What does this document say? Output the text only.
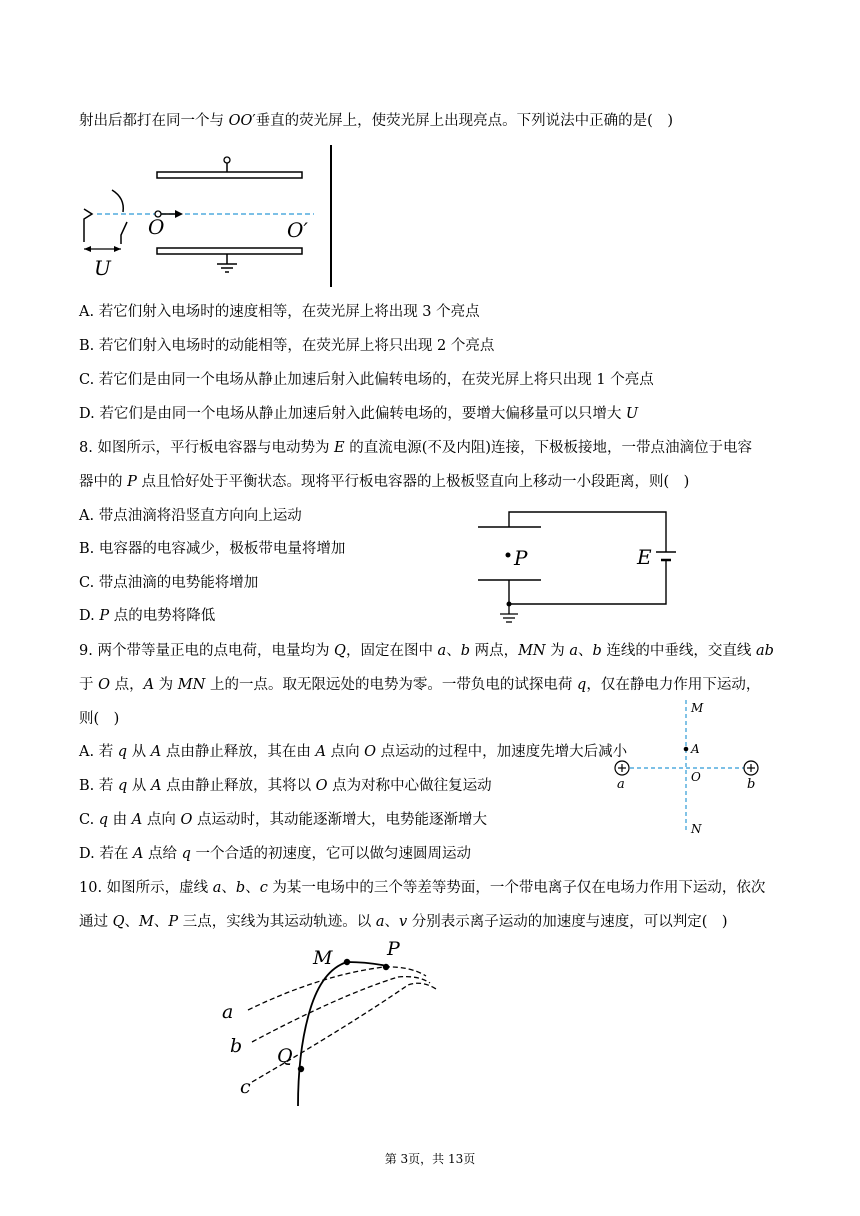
射出后都打在同一个与 𝑂𝑂′垂直的荧光屏上，使荧光屏上出现亮点。下列说法中正确的是(　)
O	O′
U
A. 若它们射入电场时的速度相等，在荧光屏上将出现 3 个亮点
B. 若它们射入电场时的动能相等，在荧光屏上将只出现 2 个亮点
C. 若它们是由同一个电场从静止加速后射入此偏转电场的，在荧光屏上将只出现 1 个亮点
D. 若它们是由同一个电场从静止加速后射入此偏转电场的，要增大偏移量可以只增大 𝑈
8. 如图所示，平行板电容器与电动势为 𝐸 的直流电源(不及内阻)连接，下极板接地，一带点油滴位于电容
器中的 𝑃 点且恰好处于平衡状态。现将平行板电容器的上极板竖直向上移动一小段距离，则(　)
A. 带点油滴将沿竖直方向向上运动
B. 电容器的电容减少，极板带电量将增加
C. 带点油滴的电势能将增加
D. 𝑃 点的电势将降低
P	E
9. 两个带等量正电的点电荷，电量均为 𝑄，固定在图中 𝑎、𝑏 两点，𝑀𝑁 为 𝑎、𝑏 连线的中垂线，交直线 𝑎𝑏
于 𝑂 点，𝐴 为 𝑀𝑁 上的一点。取无限远处的电势为零。一带负电的试探电荷 𝑞，仅在静电力作用下运动，
则(　)
A. 若 𝑞 从 𝐴 点由静止释放，其在由 𝐴 点向 𝑂 点运动的过程中，加速度先增大后减小
B. 若 𝑞 从 𝐴 点由静止释放，其将以 𝑂 点为对称中心做往复运动
C. 𝑞 由 𝐴 点向 𝑂 点运动时，其动能逐渐增大，电势能逐渐增大
D. 若在 𝐴 点给 𝑞 一个合适的初速度，它可以做匀速圆周运动
M
A
O
a	b
N
10. 如图所示，虚线 𝑎、𝑏、𝑐 为某一电场中的三个等差等势面，一个带电离子仅在电场力作用下运动，依次
通过 𝑄、𝑀、𝑃 三点，实线为其运动轨迹。以 𝑎、𝑣 分别表示离子运动的加速度与速度，可以判定(　)
M	P
Q
a
b
c
第 3页，共 13页
